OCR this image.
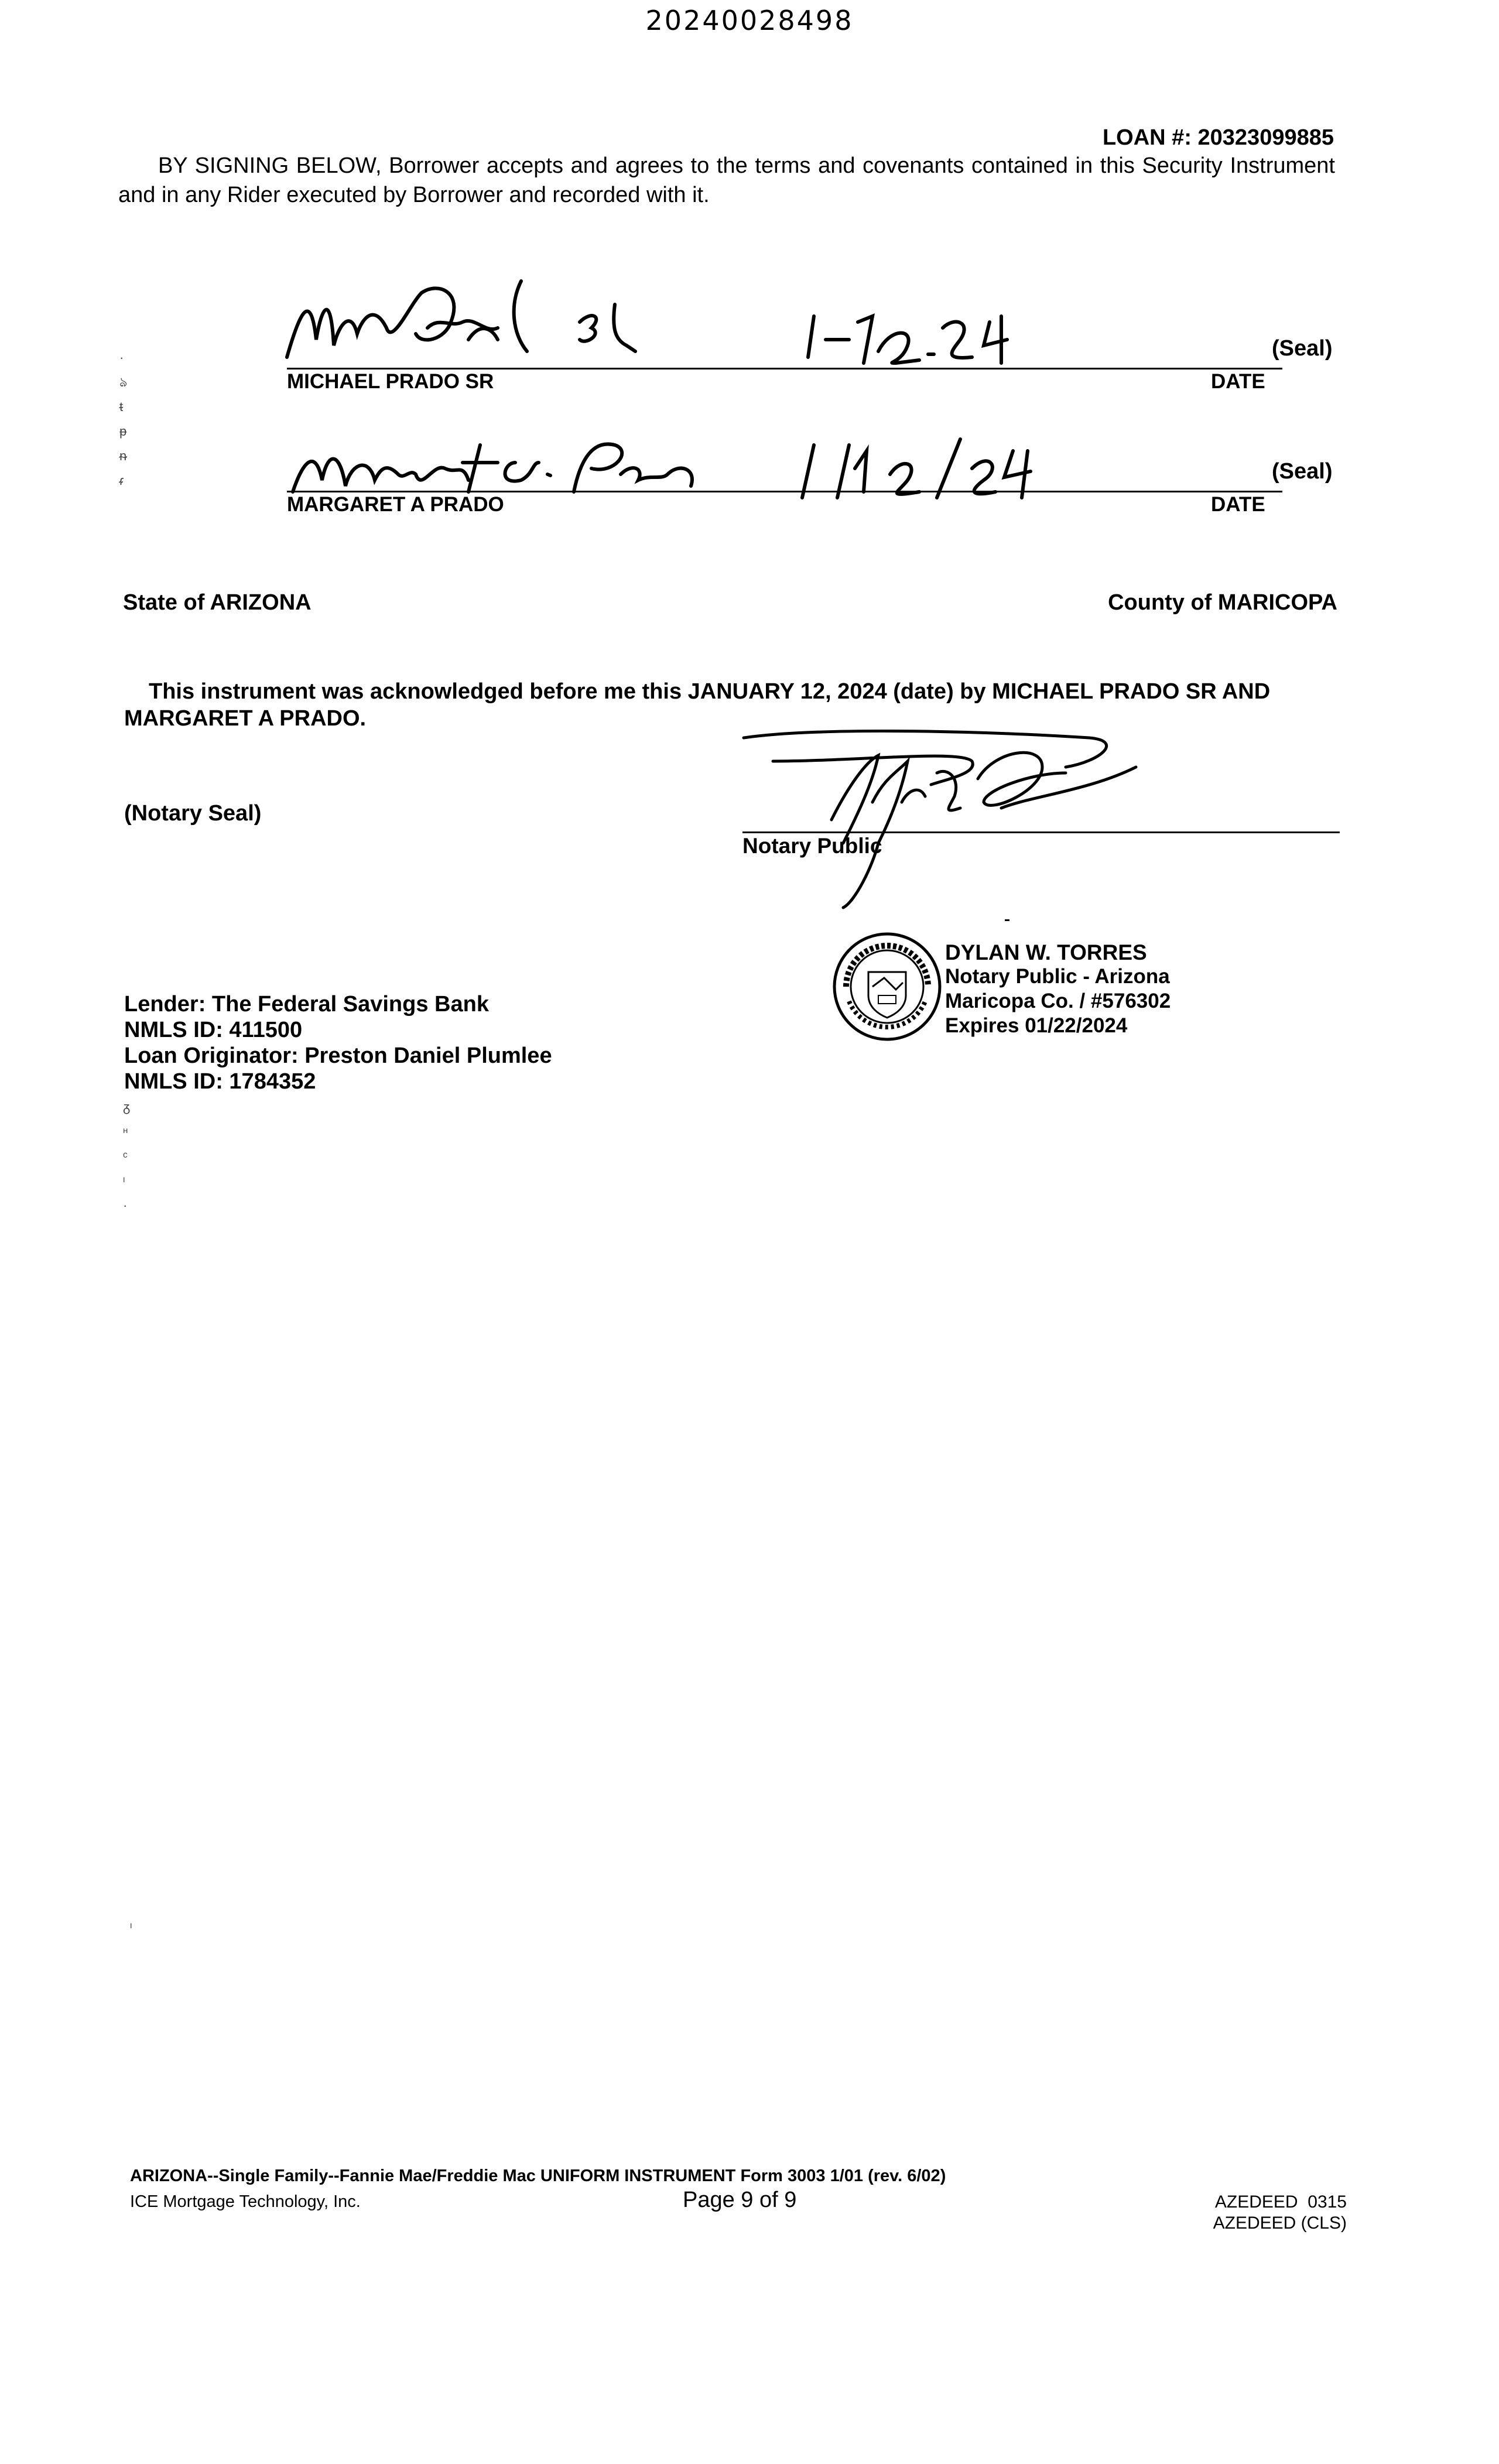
20240028498
LOAN #: 20323099885
BY SIGNING BELOW, Borrower accepts and agrees to the terms and covenants contained in this Security Instrument and in any Rider executed by Borrower and recorded with it.
·
ঌ
ᵵ
ᵽ
ᵰ
ᵳ
MICHAEL PRADO SR
(Seal)
DATE
MARGARET A PRADO
(Seal)
DATE
State of ARIZONA	County of MARICOPA
This instrument was acknowledged before me this JANUARY 12, 2024 (date) by MICHAEL PRADO SR AND MARGARET A PRADO.
(Notary Seal)
Notary Public
DYLAN W. TORRES
Notary Public - Arizona
Maricopa Co. / #576302
Expires 01/22/2024
Lender: The Federal Savings Bank
NMLS ID: 411500
Loan Originator: Preston Daniel Plumlee
NMLS ID: 1784352
ᵹ
ᵸ
ᶜ
ᶦ
·
ᶦ
ARIZONA--Single Family--Fannie Mae/Freddie Mac UNIFORM INSTRUMENT Form 3003 1/01 (rev. 6/02)
ICE Mortgage Technology, Inc.	Page 9 of 9	AZEDEED  0315
AZEDEED (CLS)
